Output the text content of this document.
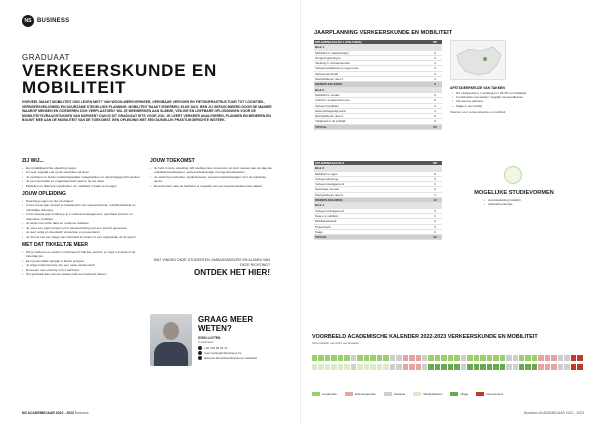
NS BUSINESS
GRADUAAT
VERKEERSKUNDE EN MOBILITEIT
HOEVEEL MAAKT MOBILITEIT ONS LEVEN NIET? VAN WOON-WERKVERKEER, OPENBAAR VERVOER EN FIETSINFRASTRUCTUUR TOT LOGISTIEK, VERKEERSVEILIGHEID EN DUURZAME STEDELIJKE PLANNING: MOBILITEIT RAAKT IEDEREEN, ELKE DAG. BEN JIJ GEFASCINEERD DOOR DE MANIER WAAROP MENSEN EN GOEDEREN ZICH VERPLAATSEN? WIL JE MEEWERKEN AAN SLIMME, VEILIGE EN LEEFBARE OPLOSSINGEN VOOR DE MOBILITEITSVRAAGSTUKKEN VAN MORGEN? DAN IS DIT GRADUAAT IETS VOOR JOU. JE LEERT VERKEER ANALYSEREN, PLANNEN EN BEHEREN EN BOUWT MEE AAN DE MOBILITEIT VAN DE TOEKOMST. EEN OPLEIDING MET EEN DUIDELIJK PRAKTIJKGERICHTE INSTEEK.
ZIJ WIJ...
• Een praktijkgerichte opleiding volgen
• Zo veel mogelijk ook op de werkvloer wil leren
• Je verdiepen in brede maatschappelijke vraagstukken en oplossingsgericht werken
• Je communicatief en organisatorisch sterk in de les staat
• Modellen en data leren gebruiken om mobiliteit in kaart te brengen
JOUW OPLEIDING
• Naarstig je ogen op het voortraject
• In het eerste jaar verwerf je basiskennis van verkeerskunde, mobiliteitsbeleid en ruimtelijke ordening
• In het tweede jaar verdiep je je in verkeersmanagement, openbaar vervoer en duurzame mobiliteit
• Je werkt met echte data en moderne software
• Je voert een eigen project uit in samenwerking met een stad of gemeente
• Je leert veilig en doordacht ontwerpen en presenteren
• Je sluit af met een stage van minimaal 12 weken in een organisatie uit de sector
MET DAT TIKKELTJE MEER
• Wil je studeren en werken combineren? Dat kan perfect: je volgt 's avonds of op zaterdag les
• Een persoonlijke aanpak in kleine groepen
• Je krijgt ondersteuning van een vaste studiecoach
• Docenten met ervaring in het werkveld
• Het graduaat kan ook als opstap naar een bachelor dienen
JOUW TOEKOMST
• Je hebt in deze opleiding 120 studiepunten verworven en kunt meteen aan de slag als mobiliteitsmedewerker, verkeersdeskundige of projectmedewerker
• Je werkt bij overheden, studiebureaus, vervoersmaatschappijen of in de logistieke sector
• Doorstromen naar de bachelor is mogelijk met een beperkt aantal extra vakken
WAT VINDEN ONZE STUDENTEN, AMBASSADEURS EN ALUMNI VAN DEZE RICHTING?
ONTDEK HET HIER!
GRAAG MEER WETEN?
SVEN LUYTEN
Coördinator
+32 478 38 04 74
sven.luyten@nsbusiness.be
www.pxl.be/verkeerskunde-en-mobiliteit
NS ACADEMIEJAAR 2022 - 2023 Business
JAARPLANNING VERKEERSKUNDE EN MOBILITEIT
OPLEIDINGSJAAR 1 (VOLTIJDS)	SP
Blok 1	
Mobiliteit in maatschappij	6
Omgevingsanalyse	3
Inleiding in verkeerskunde	3
Verkeersveiligheid en ergonomie	3
Verkeerstechniek	3
Werkplekleren deel 1	3
WERKPLEKLEREN	3
Blok 2	
Mobiliteit in steden	6
Inzicht in verkeersstromen	6
Verkeersmodellen	3
Wetenschappelijk werk	3
Werkplekleren deel 2	6
Veiligheid in de praktijk	3
TOTAAL	60
OPLEIDINGSJAAR 2	SP
Blok 3	
Mobiliteit in regio	6
Verkeersplanning	3
Verkeersmanagement	3
Openbaar vervoer	3
Werkplekleren deel 3	3
WERKPLEKLEREN	12
Blok 4	
Verkeersmanagement	3
Data en mobiliteit	3
Mobiliteitsbeleid	3
Projectwerk	3
Stage	6
TOTAAL	60
AFSTUDEERKEUZE VAN TAKKEN
• NT: studiepunten, 1 studiepunt = 25-30 uur studielast
• Combinaties met werken mogelijk via avondlessen
• Via externe partners
• Stage in een bedrijf
Talenten voor verkeerskunde en mobiliteit
MOGELIJKE STUDIEVORMEN
• Avondopleiding (voltijds)
• Afstandsonderwijs
VOORBEELD ACADEMISCHE KALENDER 2022-2023 VERKEERSKUNDE EN MOBILITEIT
Schematisch overzicht per lesweek
Lesperiode	Examenperiode	Vakantie	Werkplekleren	Stage	Herexamens
Business ACADEMIEJAAR 2022 - 2023
